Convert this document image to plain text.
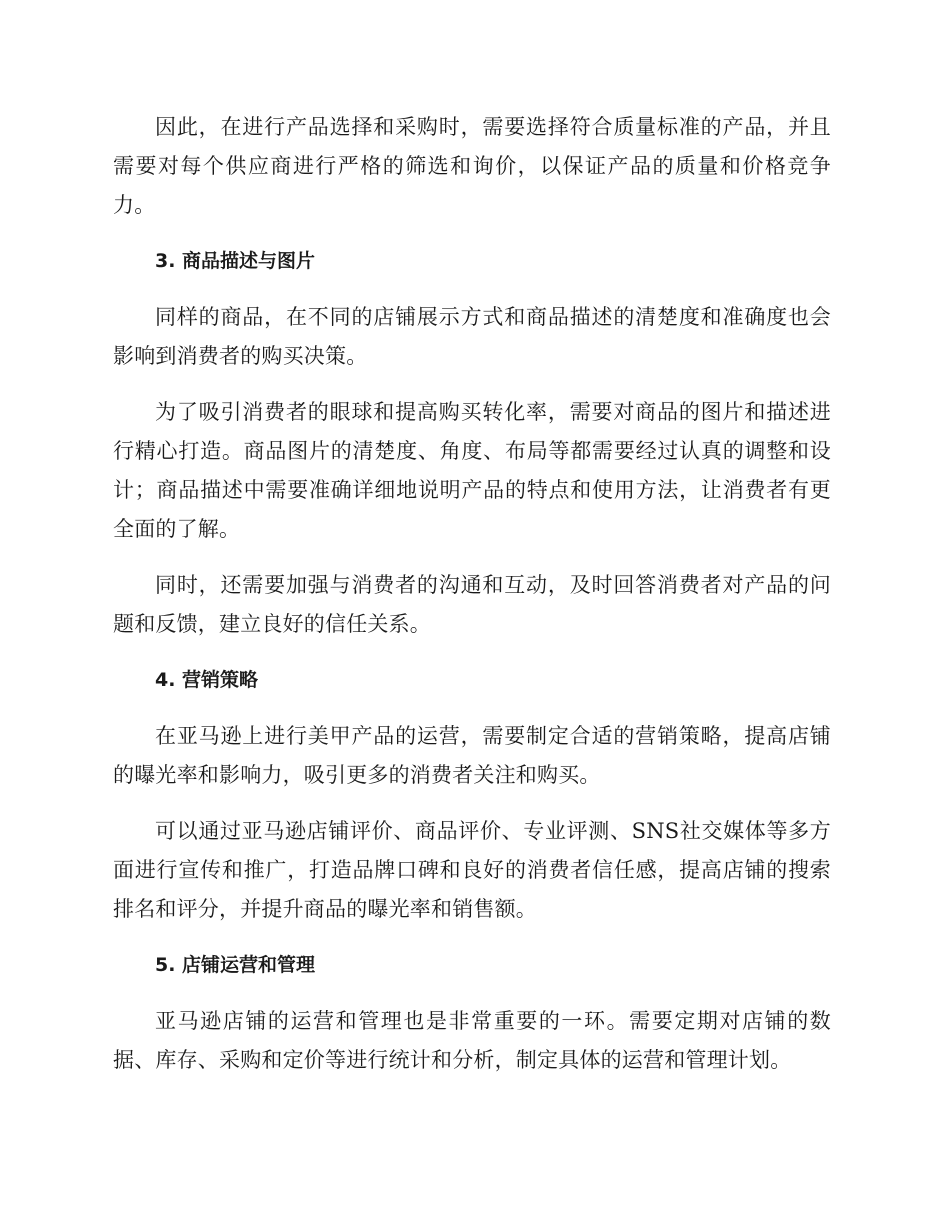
因此，在进行产品选择和采购时，需要选择符合质量标准的产品，并且需要对每个供应商进行严格的筛选和询价，以保证产品的质量和价格竞争力。

3. 商品描述与图片

同样的商品，在不同的店铺展示方式和商品描述的清楚度和准确度也会影响到消费者的购买决策。

为了吸引消费者的眼球和提高购买转化率，需要对商品的图片和描述进行精心打造。商品图片的清楚度、角度、布局等都需要经过认真的调整和设计；商品描述中需要准确详细地说明产品的特点和使用方法，让消费者有更全面的了解。

同时，还需要加强与消费者的沟通和互动，及时回答消费者对产品的问题和反馈，建立良好的信任关系。

4. 营销策略

在亚马逊上进行美甲产品的运营，需要制定合适的营销策略，提高店铺的曝光率和影响力，吸引更多的消费者关注和购买。

可以通过亚马逊店铺评价、商品评价、专业评测、SNS社交媒体等多方面进行宣传和推广，打造品牌口碑和良好的消费者信任感，提高店铺的搜索排名和评分，并提升商品的曝光率和销售额。

5. 店铺运营和管理

亚马逊店铺的运营和管理也是非常重要的一环。需要定期对店铺的数据、库存、采购和定价等进行统计和分析，制定具体的运营和管理计划。
